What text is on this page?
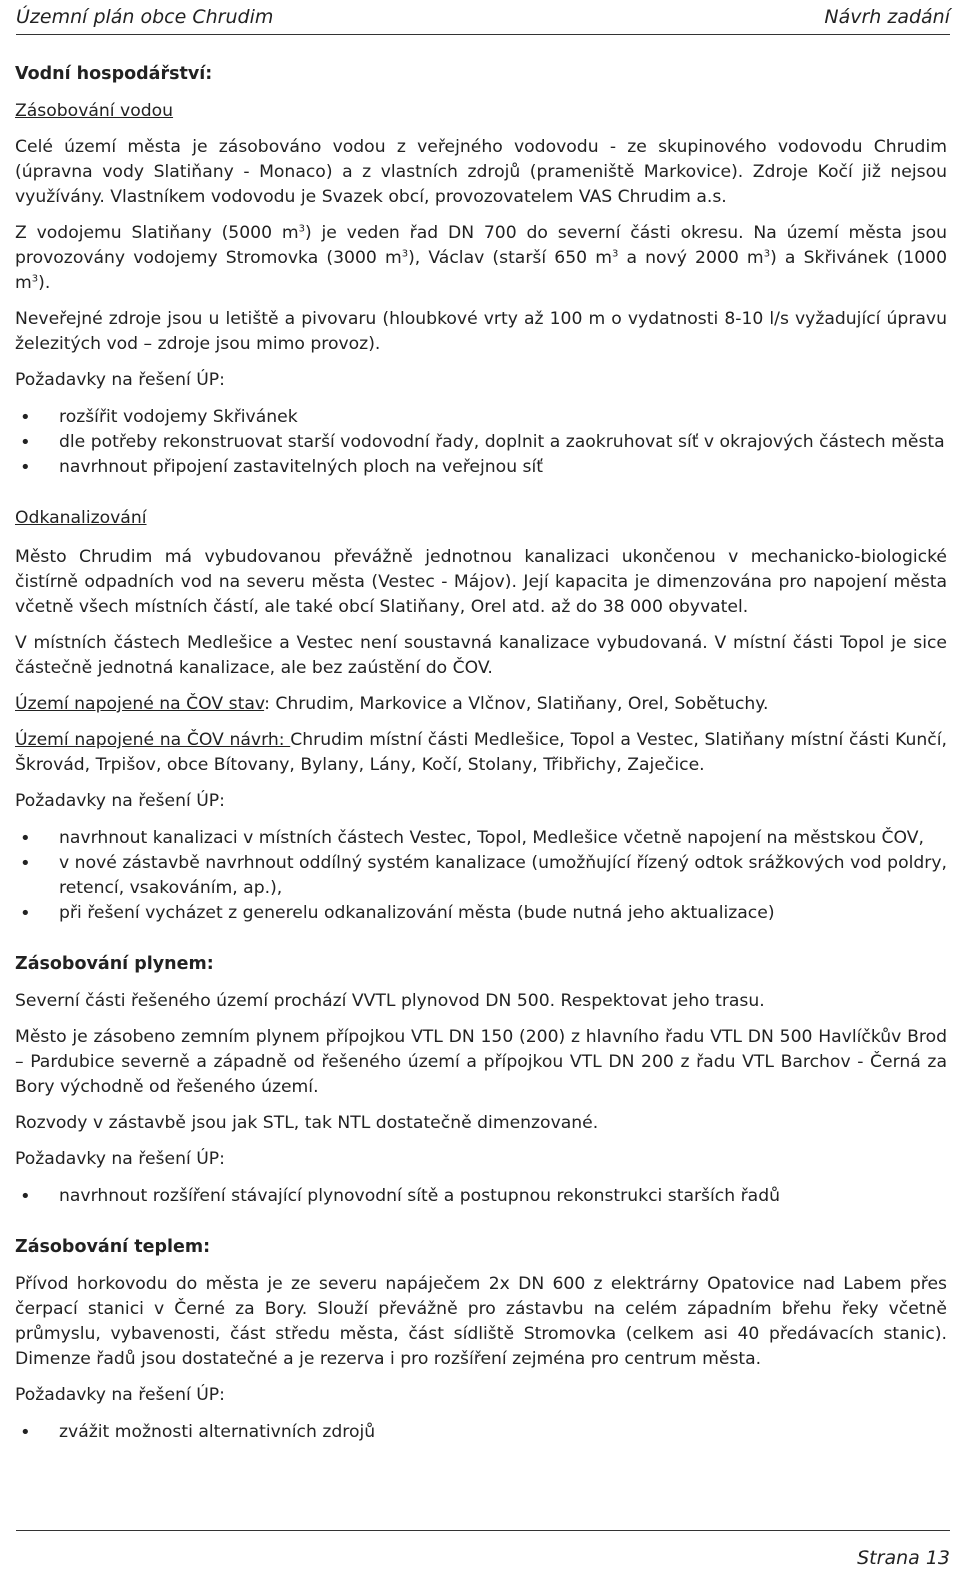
Územní plán obce Chrudim	Návrh zadání
Vodní hospodářství:
Zásobování vodou

Celé území města je zásobováno vodou z veřejného vodovodu - ze skupinového vodovodu Chrudim (úpravna vody Slatiňany - Monaco) a z vlastních zdrojů (prameniště Markovice). Zdroje Kočí již nejsou využívány. Vlastníkem vodovodu je Svazek obcí, provozovatelem VAS Chrudim a.s.

Z vodojemu Slatiňany (5000 $m^3$) je veden řad DN 700 do severní části okresu. Na území města jsou provozovány vodojemy Stromovka (3000 $m^3$), Václav (starší 650 $m^3$ a nový 2000 $m^3$) a Skřivánek (1000 $m^3$).

Neveřejné zdroje jsou u letiště a pivovaru (hloubkové vrty až 100 m o vydatnosti 8-10 l/s vyžadující úpravu železitých vod – zdroje jsou mimo provoz).

Požadavky na řešení ÚP:
• rozšířit vodojemy Skřivánek
• dle potřeby rekonstruovat starší vodovodní řady, doplnit a zaokruhovat síť v okrajových částech města
• navrhnout připojení zastavitelných ploch na veřejnou síť
Odkanalizování

Město Chrudim má vybudovanou převážně jednotnou kanalizaci ukončenou v mechanicko-biologické čistírně odpadních vod na severu města (Vestec - Májov). Její kapacita je dimenzována pro napojení města včetně všech místních částí, ale také obcí Slatiňany, Orel atd. až do 38 000 obyvatel.

V místních částech Medlešice a Vestec není soustavná kanalizace vybudovaná. V místní části Topol je sice částečně jednotná kanalizace, ale bez zaústění do ČOV.

Území napojené na ČOV stav: Chrudim, Markovice a Vlčnov, Slatiňany, Orel, Sobětuchy.

Území napojené na ČOV návrh: Chrudim místní části Medlešice, Topol a Vestec, Slatiňany místní části Kunčí, Škrovád, Trpišov, obce Bítovany, Bylany, Lány, Kočí, Stolany, Třibřichy, Zaječice.

Požadavky na řešení ÚP:
• navrhnout kanalizaci v místních částech Vestec, Topol, Medlešice včetně napojení na městskou ČOV,
• v nové zástavbě navrhnout oddílný systém kanalizace (umožňující řízený odtok srážkových vod poldry, retencí, vsakováním, ap.),
• při řešení vycházet z generelu odkanalizování města (bude nutná jeho aktualizace)
Zásobování plynem:

Severní části řešeného území prochází VVTL plynovod DN 500. Respektovat jeho trasu.

Město je zásobeno zemním plynem přípojkou VTL DN 150 (200) z hlavního řadu VTL DN 500 Havlíčkův Brod – Pardubice severně a západně od řešeného území a přípojkou VTL DN 200 z řadu VTL Barchov - Černá za Bory východně od řešeného území.

Rozvody v zástavbě jsou jak STL, tak NTL dostatečně dimenzované.

Požadavky na řešení ÚP:
• navrhnout rozšíření stávající plynovodní sítě a postupnou rekonstrukci starších řadů
Zásobování teplem:

Přívod horkovodu do města je ze severu napáječem 2x DN 600 z elektrárny Opatovice nad Labem přes čerpací stanici v Černé za Bory. Slouží převážně pro zástavbu na celém západním břehu řeky včetně průmyslu, vybavenosti, část středu města, část sídliště Stromovka (celkem asi 40 předávacích stanic). Dimenze řadů jsou dostatečné a je rezerva i pro rozšíření zejména pro centrum města.

Požadavky na řešení ÚP:
• zvážit možnosti alternativních zdrojů
Strana 13
